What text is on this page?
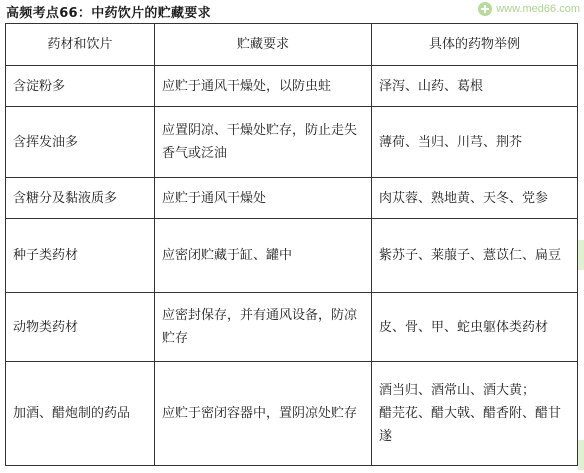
高频考点66：中药饮片的贮藏要求	www.med66.com
药材和饮片	贮藏要求	具体的药物举例
含淀粉多	应贮于通风干燥处，以防虫蛀	泽泻、山药、葛根

含挥发油多	应置阴凉、干燥处贮存，防止走失香气或泛油	薄荷、当归、川芎、荆芥

含糖分及黏液质多	应贮于通风干燥处	肉苁蓉、熟地黄、天冬、党参

种子类药材	应密闭贮藏于缸、罐中	紫苏子、莱菔子、薏苡仁、扁豆

动物类药材	应密封保存，并有通风设备，防凉贮存	皮、骨、甲、蛇虫躯体类药材

加酒、醋炮制的药品	应贮于密闭容器中，置阴凉处贮存	酒当归、酒常山、酒大黄；
醋芫花、醋大戟、醋香附、醋甘遂
